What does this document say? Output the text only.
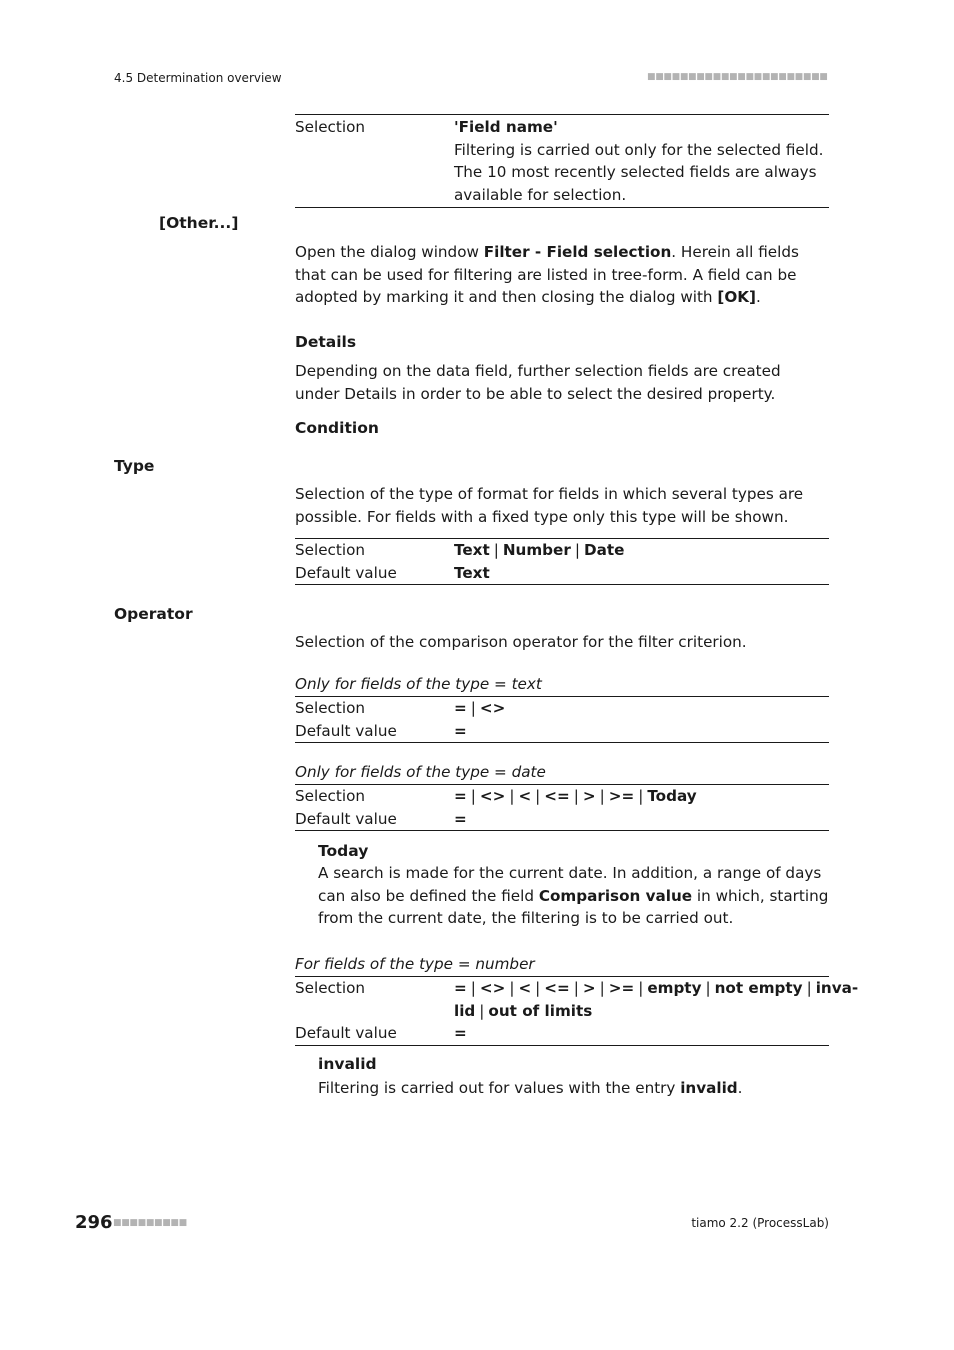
4.5 Determination overview	■■■■■■■■■■■■■■■■■■■■■■
Selection	'Field name'
Filtering is carried out only for the selected field. The 10 most recently selected fields are always available for selection.
[Other...]
Open the dialog window Filter - Field selection. Herein all fields that can be used for filtering are listed in tree-form. A field can be adopted by marking it and then closing the dialog with [OK].
Details
Depending on the data field, further selection fields are created under Details in order to be able to select the desired property.
Condition
Type
Selection of the type of format for fields in which several types are possible. For fields with a fixed type only this type will be shown.
Selection	Text | Number | Date
Default value	Text
Operator
Selection of the comparison operator for the filter criterion.
Only for fields of the type = text
Selection	= | <>
Default value	=
Only for fields of the type = date
Selection	= | <> | < | <= | > | >= | Today
Default value	=
Today
A search is made for the current date. In addition, a range of days can also be defined the field Comparison value in which, starting from the current date, the filtering is to be carried out.
For fields of the type = number
Selection	= | <> | < | <= | > | >= | empty | not empty | inva-
lid | out of limits
Default value	=
invalid
Filtering is carried out for values with the entry invalid.
296 ■■■■■■■■■	tiamo 2.2 (ProcessLab)
